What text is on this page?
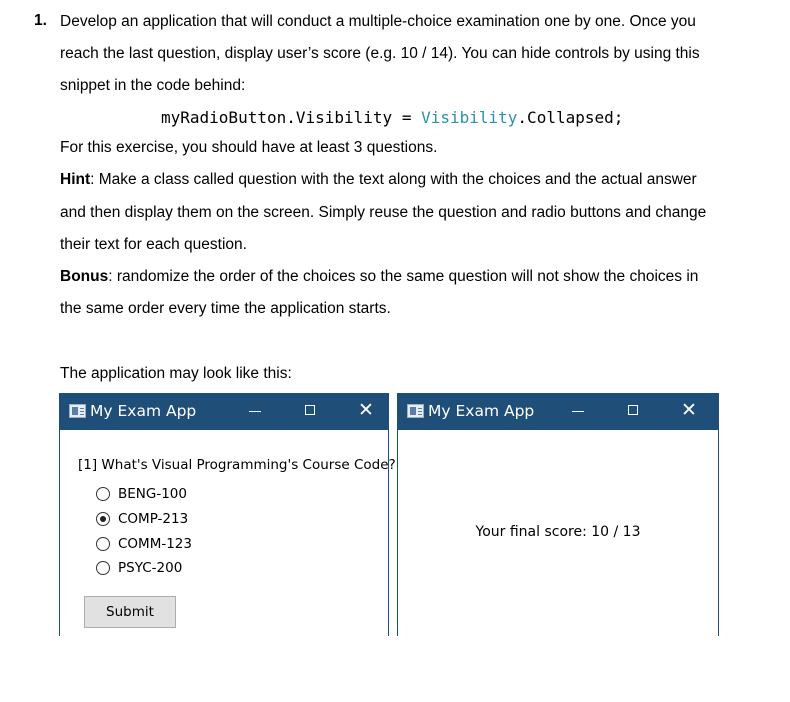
1. Develop an application that will conduct a multiple-choice examination one by one. Once you
reach the last question, display user’s score (e.g. 10 / 14). You can hide controls by using this
snippet in the code behind:
myRadioButton.Visibility = Visibility.Collapsed;
For this exercise, you should have at least 3 questions.
Hint: Make a class called question with the text along with the choices and the actual answer
and then display them on the screen. Simply reuse the question and radio buttons and change
their text for each question.
Bonus: randomize the order of the choices so the same question will not show the choices in
the same order every time the application starts.
The application may look like this:
My Exam App	✕
[1] What's Visual Programming's Course Code?
BENG-100
COMP-213
COMM-123
PSYC-200
Submit
My Exam App	✕
Your final score: 10 / 13
